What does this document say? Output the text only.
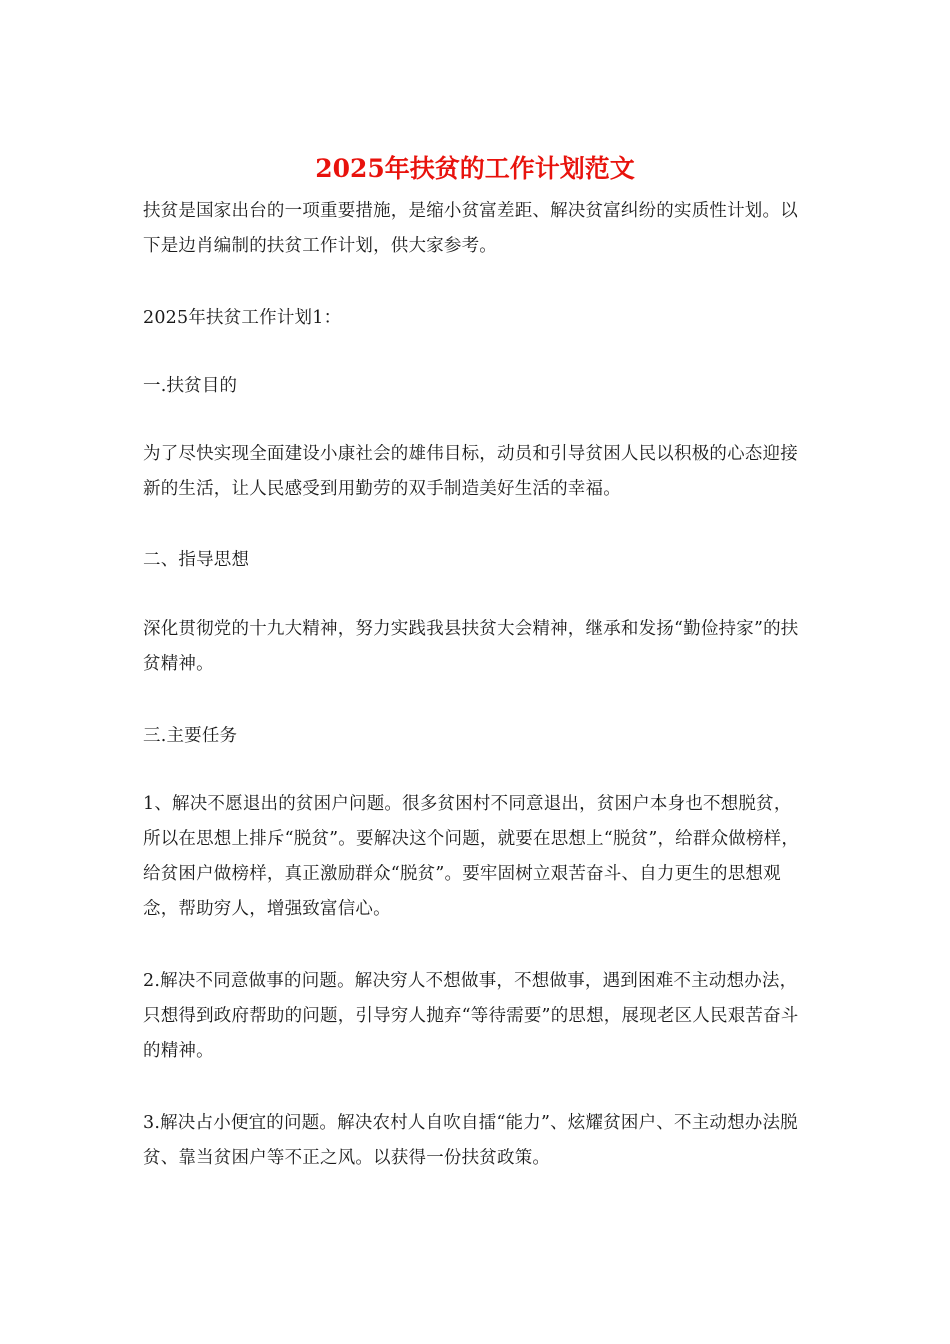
2025年扶贫的工作计划范文

扶贫是国家出台的一项重要措施，是缩小贫富差距、解决贫富纠纷的实质性计划。以下是边肖编制的扶贫工作计划，供大家参考。

2025年扶贫工作计划1：

一.扶贫目的

为了尽快实现全面建设小康社会的雄伟目标，动员和引导贫困人民以积极的心态迎接新的生活，让人民感受到用勤劳的双手制造美好生活的幸福。

二、指导思想

深化贯彻党的十九大精神，努力实践我县扶贫大会精神，继承和发扬“勤俭持家”的扶贫精神。

三.主要任务

1、解决不愿退出的贫困户问题。很多贫困村不同意退出，贫困户本身也不想脱贫，所以在思想上排斥“脱贫”。要解决这个问题，就要在思想上“脱贫”，给群众做榜样，给贫困户做榜样，真正激励群众“脱贫”。要牢固树立艰苦奋斗、自力更生的思想观念，帮助穷人，增强致富信心。

2.解决不同意做事的问题。解决穷人不想做事，不想做事，遇到困难不主动想办法，只想得到政府帮助的问题，引导穷人抛弃“等待需要”的思想，展现老区人民艰苦奋斗的精神。

3.解决占小便宜的问题。解决农村人自吹自擂“能力”、炫耀贫困户、不主动想办法脱贫、靠当贫困户等不正之风。以获得一份扶贫政策。
